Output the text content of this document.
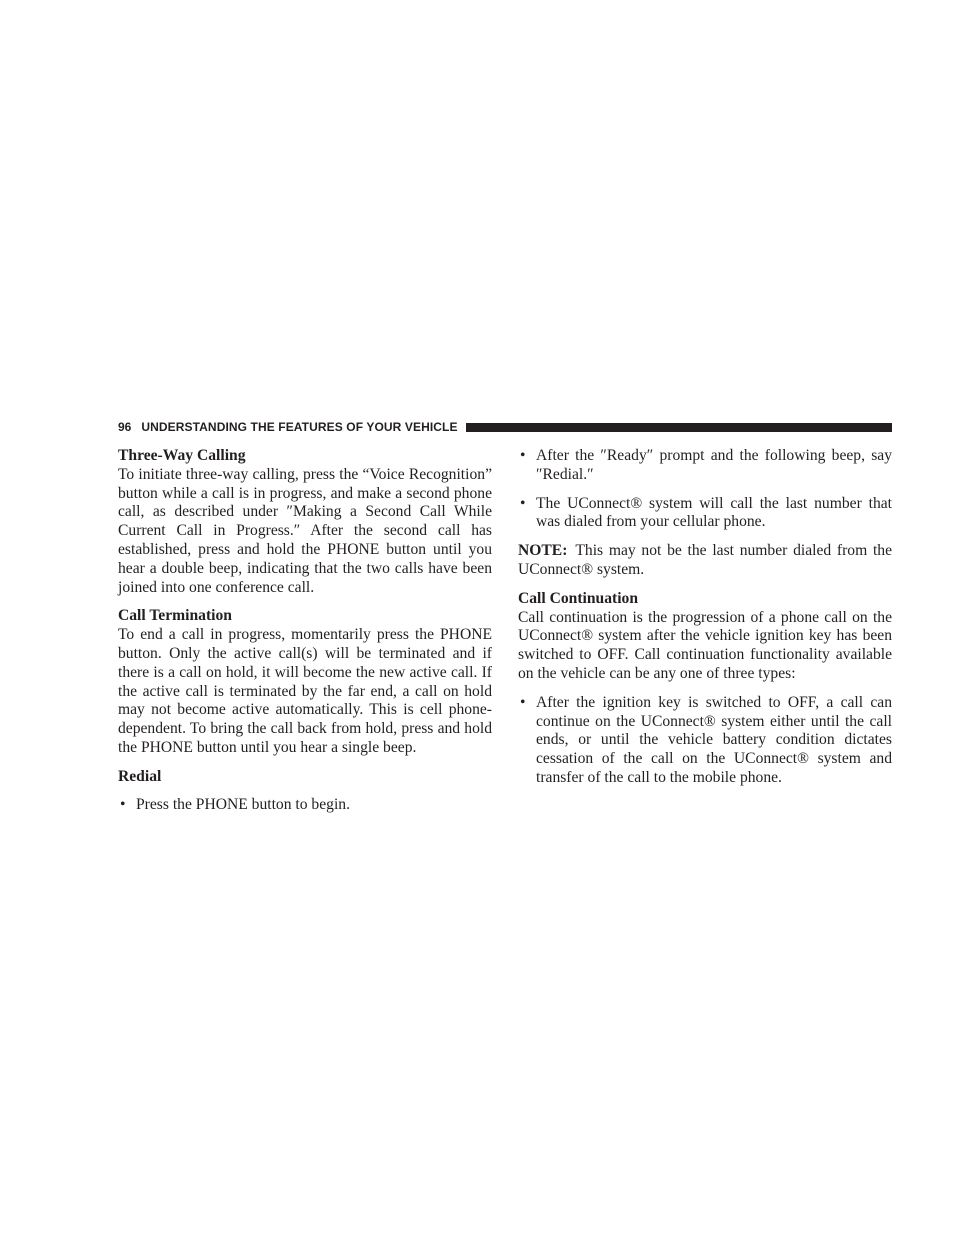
96 UNDERSTANDING THE FEATURES OF YOUR VEHICLE

Three-Way Calling

To initiate three-way calling, press the “Voice Recognition” button while a call is in progress, and make a second phone call, as described under ″Making a Second Call While Current Call in Progress.″ After the second call has established, press and hold the PHONE button until you hear a double beep, indicating that the two calls have been joined into one conference call.

Call Termination

To end a call in progress, momentarily press the PHONE button. Only the active call(s) will be terminated and if there is a call on hold, it will become the new active call. If the active call is terminated by the far end, a call on hold may not become active automatically. This is cell phone-dependent. To bring the call back from hold, press and hold the PHONE button until you hear a single beep.

Redial

• Press the PHONE button to begin.
• After the ″Ready″ prompt and the following beep, say ″Redial.″
• The UConnect® system will call the last number that was dialed from your cellular phone.

NOTE: This may not be the last number dialed from the UConnect® system.

Call Continuation

Call continuation is the progression of a phone call on the UConnect® system after the vehicle ignition key has been switched to OFF. Call continuation functionality available on the vehicle can be any one of three types:

• After the ignition key is switched to OFF, a call can continue on the UConnect® system either until the call ends, or until the vehicle battery condition dictates cessation of the call on the UConnect® system and transfer of the call to the mobile phone.
